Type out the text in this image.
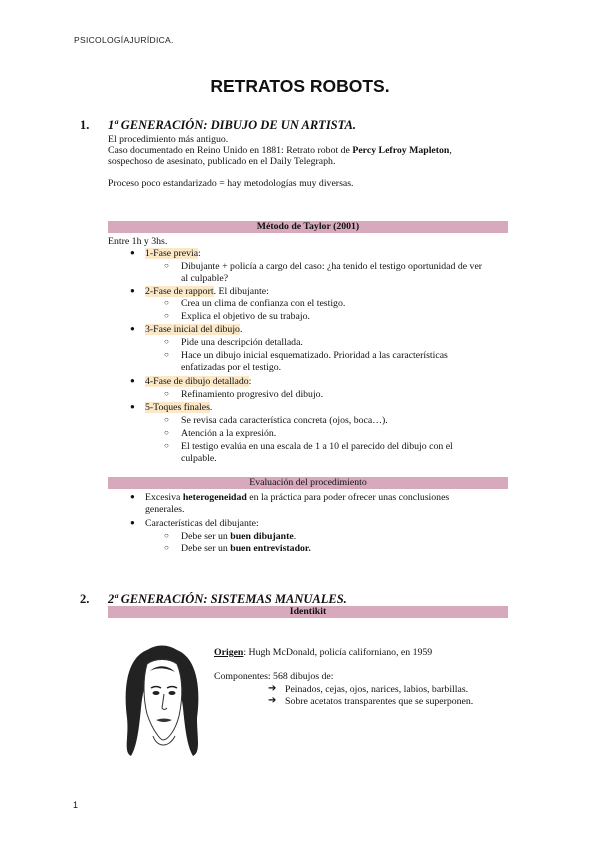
PSICOLOGÍAJURÍDICA.
RETRATOS ROBOTS.
1. 1ª GENERACIÓN: DIBUJO DE UN ARTISTA.
El procedimiento más antiguo.
Caso documentado en Reino Unido en 1881: Retrato robot de Percy Lefroy Mapleton,
sospechoso de asesinato, publicado en el Daily Telegraph.
Proceso poco estandarizado = hay metodologías muy diversas.
Método de Taylor (2001)
Entre 1h y 3hs.
● 1-Fase previa:
○ Dibujante + policía a cargo del caso: ¿ha tenido el testigo oportunidad de ver
al culpable?
● 2-Fase de rapport. El dibujante:
○ Crea un clima de confianza con el testigo.
○ Explica el objetivo de su trabajo.
● 3-Fase inicial del dibujo.
○ Pide una descripción detallada.
○ Hace un dibujo inicial esquematizado. Prioridad a las características
enfatizadas por el testigo.
● 4-Fase de dibujo detallado:
○ Refinamiento progresivo del dibujo.
● 5-Toques finales.
○ Se revisa cada característica concreta (ojos, boca…).
○ Atención a la expresión.
○ El testigo evalúa en una escala de 1 a 10 el parecido del dibujo con el
culpable.
Evaluación del procedimiento
● Excesiva heterogeneidad en la práctica para poder ofrecer unas conclusiones
generales.
● Características del dibujante:
○ Debe ser un buen dibujante.
○ Debe ser un buen entrevistador.
2. 2ª GENERACIÓN: SISTEMAS MANUALES.
Identikit
Origen: Hugh McDonald, policía californiano, en 1959
Componentes: 568 dibujos de:
➔ Peinados, cejas, ojos, narices, labios, barbillas.
➔ Sobre acetatos transparentes que se superponen.
1
